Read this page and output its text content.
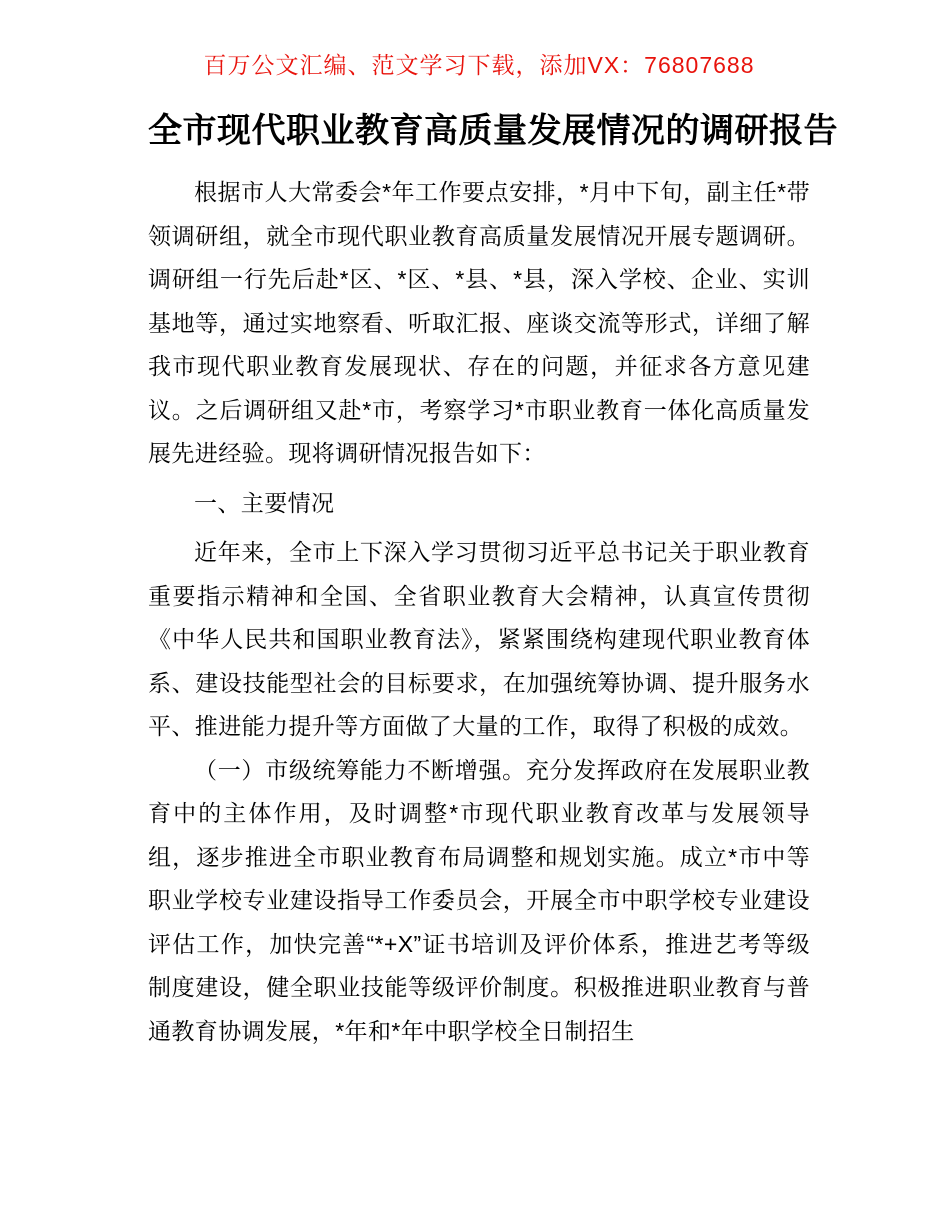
百万公文汇编、范文学习下载，添加VX：76807688
全市现代职业教育高质量发展情况的调研报告

根据市人大常委会*年工作要点安排，*月中下旬，副主任*带领调研组，就全市现代职业教育高质量发展情况开展专题调研。调研组一行先后赴*区、*区、*县、*县，深入学校、企业、实训基地等，通过实地察看、听取汇报、座谈交流等形式，详细了解我市现代职业教育发展现状、存在的问题，并征求各方意见建议。之后调研组又赴*市，考察学习*市职业教育一体化高质量发展先进经验。现将调研情况报告如下：

一、主要情况

近年来，全市上下深入学习贯彻习近平总书记关于职业教育重要指示精神和全国、全省职业教育大会精神，认真宣传贯彻《中华人民共和国职业教育法》，紧紧围绕构建现代职业教育体系、建设技能型社会的目标要求，在加强统筹协调、提升服务水平、推进能力提升等方面做了大量的工作，取得了积极的成效。

（一）市级统筹能力不断增强。充分发挥政府在发展职业教育中的主体作用，及时调整*市现代职业教育改革与发展领导组，逐步推进全市职业教育布局调整和规划实施。成立*市中等职业学校专业建设指导工作委员会，开展全市中职学校专业建设评估工作，加快完善“*+X”证书培训及评价体系，推进艺考等级制度建设，健全职业技能等级评价制度。积极推进职业教育与普通教育协调发展，*年和*年中职学校全日制招生
